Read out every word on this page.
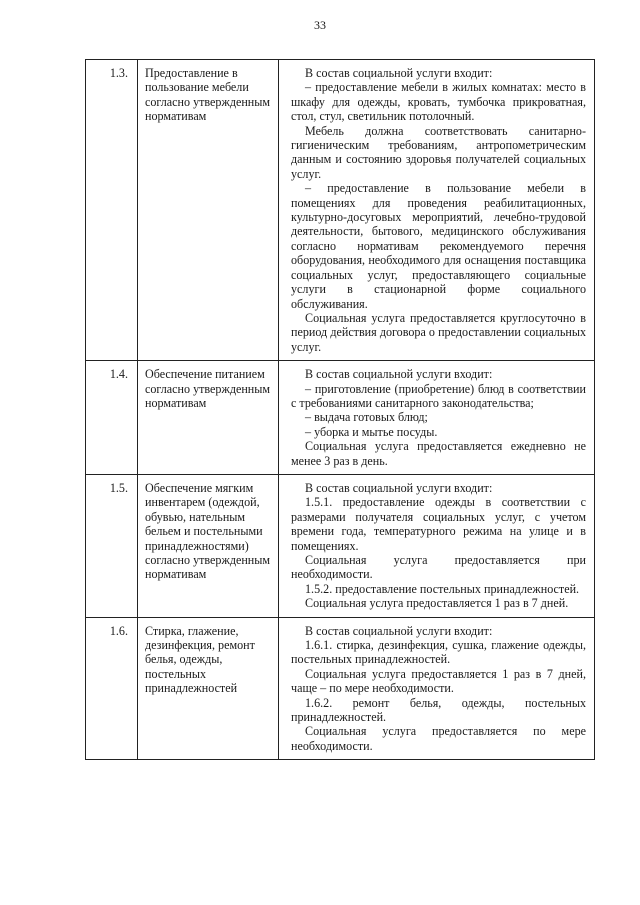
33
1.3.	Предоставление в пользование мебели согласно утвержденным нормативам	В состав социальной услуги входит:

– предоставление мебели в жилых комнатах: место в шкафу для одежды, кровать, тумбочка прикроватная, стол, стул, светильник потолочный.

Мебель должна соответствовать санитарно-гигиеническим требованиям, антропометрическим данным и состоянию здоровья получателей социальных услуг.

– предоставление в пользование мебели в помещениях для проведения реабилитационных, культурно-досуговых мероприятий, лечебно-трудовой деятельности, бытового, медицинского обслуживания согласно нормативам рекомендуемого перечня оборудования, необходимого для оснащения поставщика социальных услуг, предоставляющего социальные услуги в стационарной форме социального обслуживания.

Социальная услуга предоставляется круглосуточно в период действия договора о предоставлении социальных услуг.

1.4.	Обеспечение питанием согласно утвержденным нормативам	В состав социальной услуги входит:

– приготовление (приобретение) блюд в соответствии с требованиями санитарного законодательства;

– выдача готовых блюд;

– уборка и мытье посуды.

Социальная услуга предоставляется ежедневно не менее 3 раз в день.

1.5.	Обеспечение мягким инвентарем (одеждой, обувью, нательным бельем и постельными принадлежностями) согласно утвержденным нормативам	В состав социальной услуги входит:

1.5.1. предоставление одежды в соответствии с размерами получателя социальных услуг, с учетом времени года, температурного режима на улице и в помещениях.

Социальная услуга предоставляется при необходимости.

1.5.2. предоставление постельных принадлежностей.

Социальная услуга предоставляется 1 раз в 7 дней.

1.6.	Стирка, глажение, дезинфекция, ремонт белья, одежды, постельных принадлежностей	В состав социальной услуги входит:

1.6.1. стирка, дезинфекция, сушка, глажение одежды, постельных принадлежностей.

Социальная услуга предоставляется 1 раз в 7 дней, чаще – по мере необходимости.

1.6.2. ремонт белья, одежды, постельных принадлежностей.

Социальная услуга предоставляется по мере необходимости.
